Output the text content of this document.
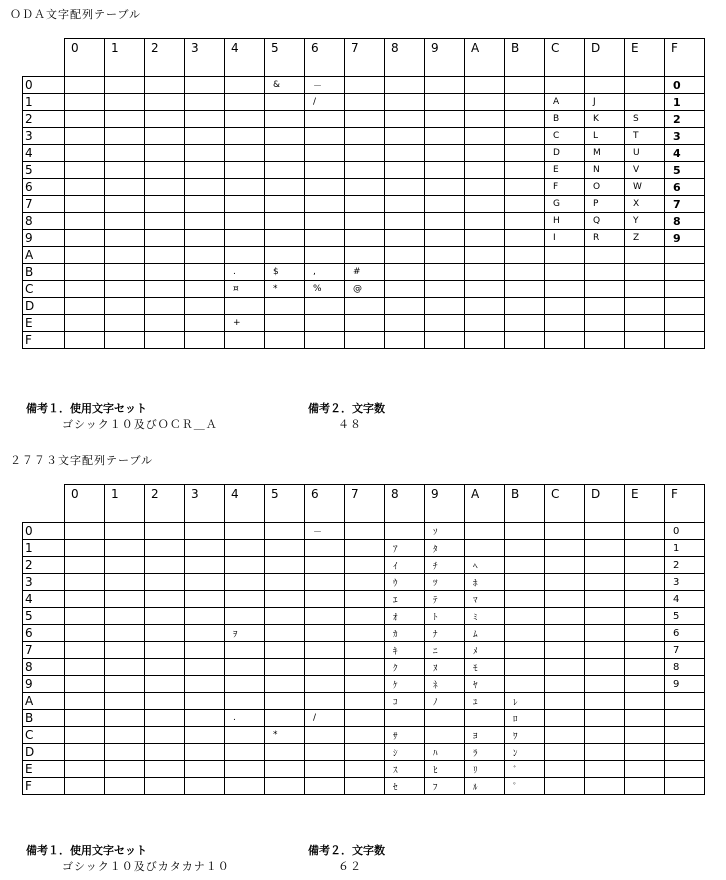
ＯＤＡ文字配列テーブル
	0	1	2	3	4	5	6	7	8	9	A	B	C	D	E	F
0						&	－									0
1							/						A	J		1
2													B	K	S	2
3													C	L	T	3
4													D	M	U	4
5													E	N	V	5
6													F	O	W	6
7													G	P	X	7
8													H	Q	Y	8
9													I	R	Z	9
A																
B					.	$	,	#								
C					¤	*	%	@								
D																
E					+											
F																
備考１．使用文字セット
ゴシック１０及びＯＣＲ＿Ａ
備考２．文字数
４８
２７７３文字配列テーブル
	0	1	2	3	4	5	6	7	8	9	A	B	C	D	E	F
0							－			ｿ						0
1									ｱ	ﾀ						1
2									ｲ	ﾁ	ﾍ					2
3									ｳ	ﾂ	ﾎ					3
4									ｴ	ﾃ	ﾏ					4
5									ｵ	ﾄ	ﾐ					5
6					ｦ				ｶ	ﾅ	ﾑ					6
7									ｷ	ﾆ	ﾒ					7
8									ｸ	ﾇ	ﾓ					8
9									ｹ	ﾈ	ﾔ					9
A									ｺ	ﾉ	ﾕ	ﾚ				
B					.		/					ﾛ				
C						*			ｻ		ﾖ	ﾜ				
D									ｼ	ﾊ	ﾗ	ﾝ				
E									ｽ	ﾋ	ﾘ	ﾞ				
F									ｾ	ﾌ	ﾙ	ﾟ				
備考１．使用文字セット
ゴシック１０及びカタカナ１０
備考２．文字数
６２
